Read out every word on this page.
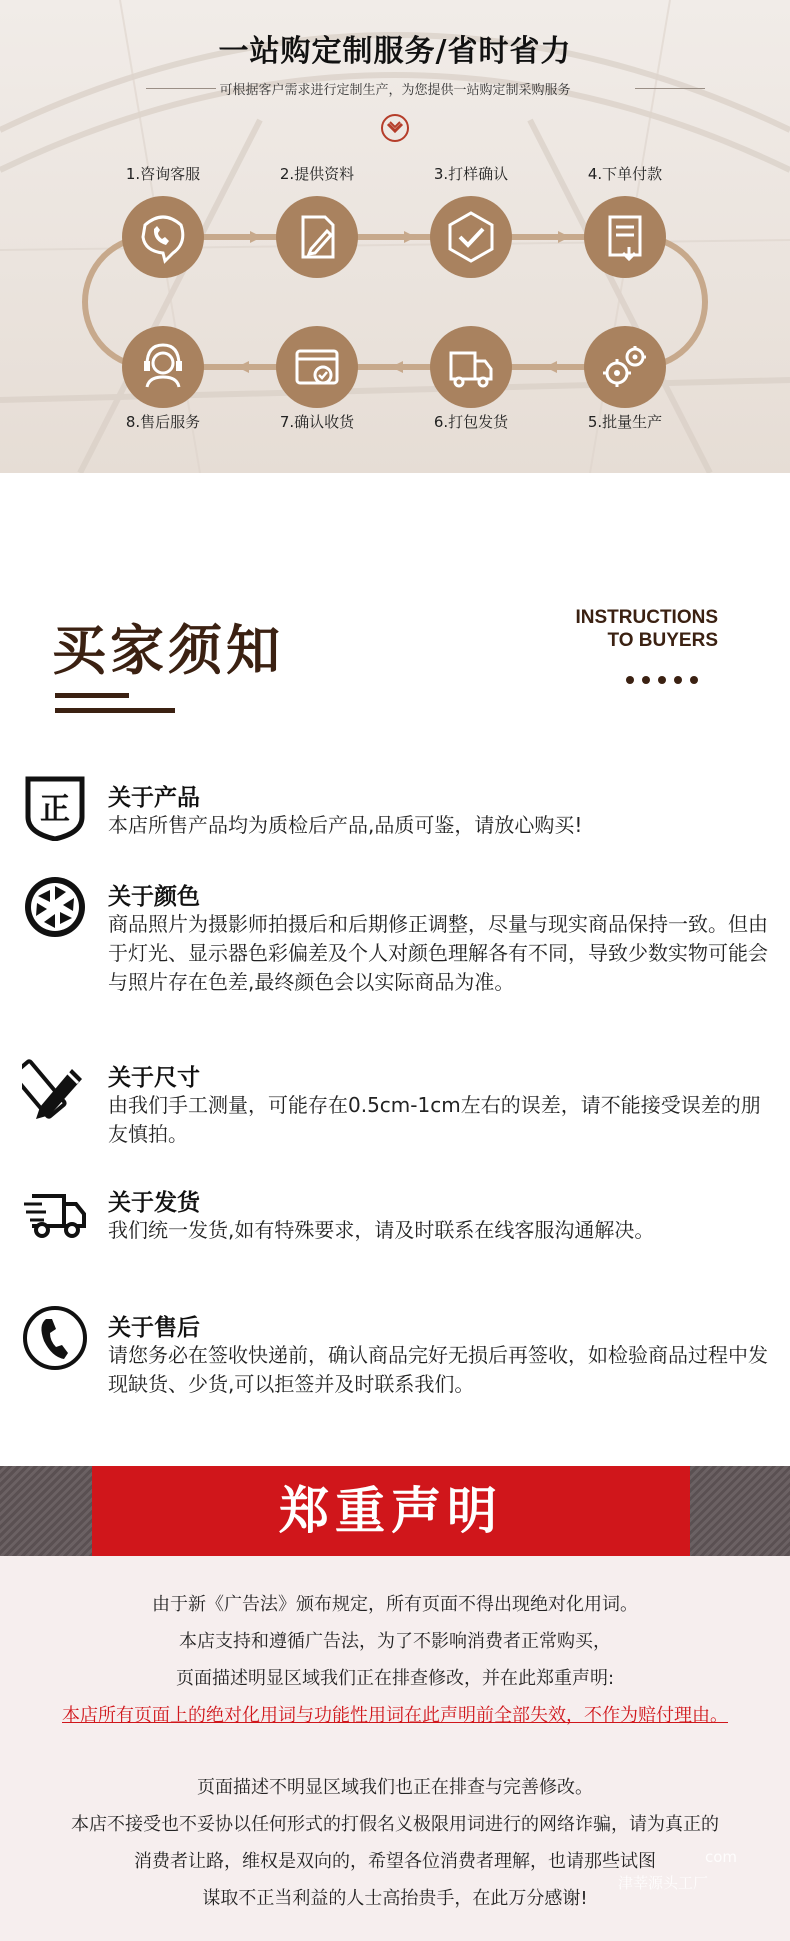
一站购定制服务/省时省力
可根据客户需求进行定制生产，为您提供一站购定制采购服务
1.咨询客服	2.提供资料	3.打样确认	4.下单付款
5.批量生产
6.打包发货
7.确认收货
8.售后服务
买家须知
INSTRUCTIONS
TO BUYERS
正 关于产品
本店所售产品均为质检后产品,品质可鉴，请放心购买!
关于颜色
商品照片为摄影师拍摄后和后期修正调整，尽量与现实商品保持一致。但由于灯光、显示器色彩偏差及个人对颜色理解各有不同，导致少数实物可能会与照片存在色差,最终颜色会以实际商品为准。
关于尺寸
由我们手工测量，可能存在0.5cm-1cm左右的误差，请不能接受误差的朋友慎拍。
关于发货
我们统一发货,如有特殊要求，请及时联系在线客服沟通解决。
关于售后
请您务必在签收快递前，确认商品完好无损后再签收，如检验商品过程中发现缺货、少货,可以拒签并及时联系我们。
郑重声明
由于新《广告法》颁布规定，所有页面不得出现绝对化用词。
本店支持和遵循广告法，为了不影响消费者正常购买，
页面描述明显区域我们正在排查修改，并在此郑重声明:
本店所有页面上的绝对化用词与功能性用词在此声明前全部失效，不作为赔付理由。
页面描述不明显区域我们也正在排查与完善修改。
本店不接受也不妥协以任何形式的打假名义极限用词进行的网络诈骗，请为真正的
消费者让路，维权是双向的，希望各位消费者理解，也请那些试图
谋取不正当利益的人士高抬贵手，在此万分感谢!
com
津莘源头工厂
